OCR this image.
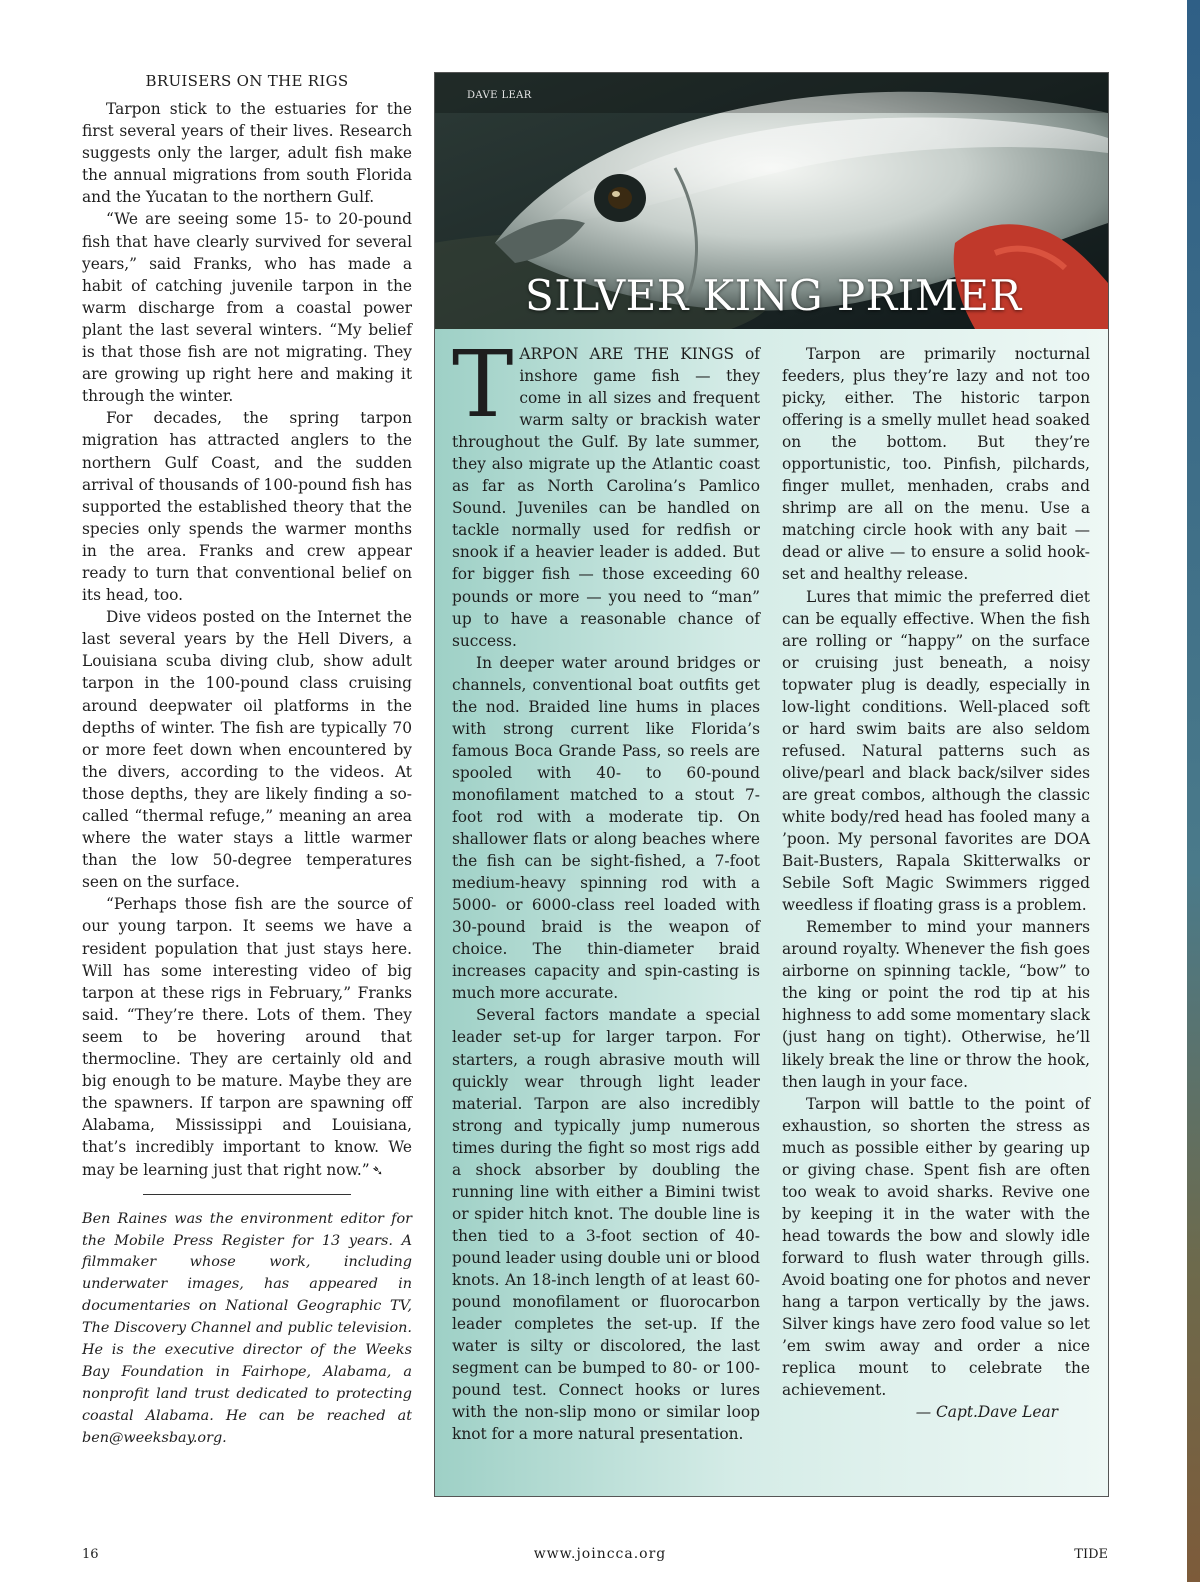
BRUISERS ON THE RIGS

Tarpon stick to the estuaries for the first several years of their lives. Research suggests only the larger, adult fish make the annual migrations from south Florida and the Yucatan to the northern Gulf.

“We are seeing some 15- to 20-pound fish that have clearly survived for several years,” said Franks, who has made a habit of catching juvenile tarpon in the warm discharge from a coastal power plant the last several winters. “My belief is that those fish are not migrating. They are growing up right here and making it through the winter.

For decades, the spring tarpon migration has attracted anglers to the northern Gulf Coast, and the sudden arrival of thousands of 100-pound fish has supported the established theory that the species only spends the warmer months in the area. Franks and crew appear ready to turn that conventional belief on its head, too.

Dive videos posted on the Internet the last several years by the Hell Divers, a Louisiana scuba diving club, show adult tarpon in the 100-pound class cruising around deepwater oil platforms in the depths of winter. The fish are typically 70 or more feet down when encountered by the divers, according to the videos. At those depths, they are likely finding a so-called “thermal refuge,” meaning an area where the water stays a little warmer than the low 50-degree temperatures seen on the surface.

“Perhaps those fish are the source of our young tarpon. It seems we have a resident population that just stays here. Will has some interesting video of big tarpon at these rigs in February,” Franks said. “They’re there. Lots of them. They seem to be hovering around that thermocline. They are certainly old and big enough to be mature. Maybe they are the spawners. If tarpon are spawning off Alabama, Mississippi and Louisiana, that’s incredibly important to know. We may be learning just that right now.” ➴

Ben Raines was the environment editor for the Mobile Press Register for 13 years. A filmmaker whose work, including underwater images, has appeared in documentaries on National Geographic TV, The Discovery Channel and public television. He is the executive director of the Weeks Bay Foundation in Fairhope, Alabama, a nonprofit land trust dedicated to protecting coastal Alabama. He can be reached at ben@weeksbay.org.

DAVE LEAR
SILVER KING PRIMER

TARPON ARE THE KINGS of inshore game fish — they come in all sizes and frequent warm salty or brackish water throughout the Gulf. By late summer, they also migrate up the Atlantic coast as far as North Carolina’s Pamlico Sound. Juveniles can be handled on tackle normally used for redfish or snook if a heavier leader is added. But for bigger fish — those exceeding 60 pounds or more — you need to “man” up to have a reasonable chance of success.

In deeper water around bridges or channels, conventional boat outfits get the nod. Braided line hums in places with strong current like Florida’s famous Boca Grande Pass, so reels are spooled with 40- to 60-pound monofilament matched to a stout 7-foot rod with a moderate tip. On shallower flats or along beaches where the fish can be sight-fished, a 7-foot medium-heavy spinning rod with a 5000- or 6000-class reel loaded with 30-pound braid is the weapon of choice. The thin-diameter braid increases capacity and spin-casting is much more accurate.

Several factors mandate a special leader set-up for larger tarpon. For starters, a rough abrasive mouth will quickly wear through light leader material. Tarpon are also incredibly strong and typically jump numerous times during the fight so most rigs add a shock absorber by doubling the running line with either a Bimini twist or spider hitch knot. The double line is then tied to a 3-foot section of 40-pound leader using double uni or blood knots. An 18-inch length of at least 60-pound monofilament or fluorocarbon leader completes the set-up. If the water is silty or discolored, the last segment can be bumped to 80- or 100-pound test. Connect hooks or lures with the non-slip mono or similar loop knot for a more natural presentation.

Tarpon are primarily nocturnal feeders, plus they’re lazy and not too picky, either. The historic tarpon offering is a smelly mullet head soaked on the bottom. But they’re opportunistic, too. Pinfish, pilchards, finger mullet, menhaden, crabs and shrimp are all on the menu. Use a matching circle hook with any bait — dead or alive — to ensure a solid hook-set and healthy release.

Lures that mimic the preferred diet can be equally effective. When the fish are rolling or “happy” on the surface or cruising just beneath, a noisy topwater plug is deadly, especially in low-light conditions. Well-placed soft or hard swim baits are also seldom refused. Natural patterns such as olive/pearl and black back/silver sides are great combos, although the classic white body/red head has fooled many a ’poon. My personal favorites are DOA Bait-Busters, Rapala Skitterwalks or Sebile Soft Magic Swimmers rigged weedless if floating grass is a problem.

Remember to mind your manners around royalty. Whenever the fish goes airborne on spinning tackle, “bow” to the king or point the rod tip at his highness to add some momentary slack (just hang on tight). Otherwise, he’ll likely break the line or throw the hook, then laugh in your face.

Tarpon will battle to the point of exhaustion, so shorten the stress as much as possible either by gearing up or giving chase. Spent fish are often too weak to avoid sharks. Revive one by keeping it in the water with the head towards the bow and slowly idle forward to flush water through gills. Avoid boating one for photos and never hang a tarpon vertically by the jaws. Silver kings have zero food value so let ’em swim away and order a nice replica mount to celebrate the achievement.

— Capt.Dave Lear
16	www.joincca.org	TIDE
